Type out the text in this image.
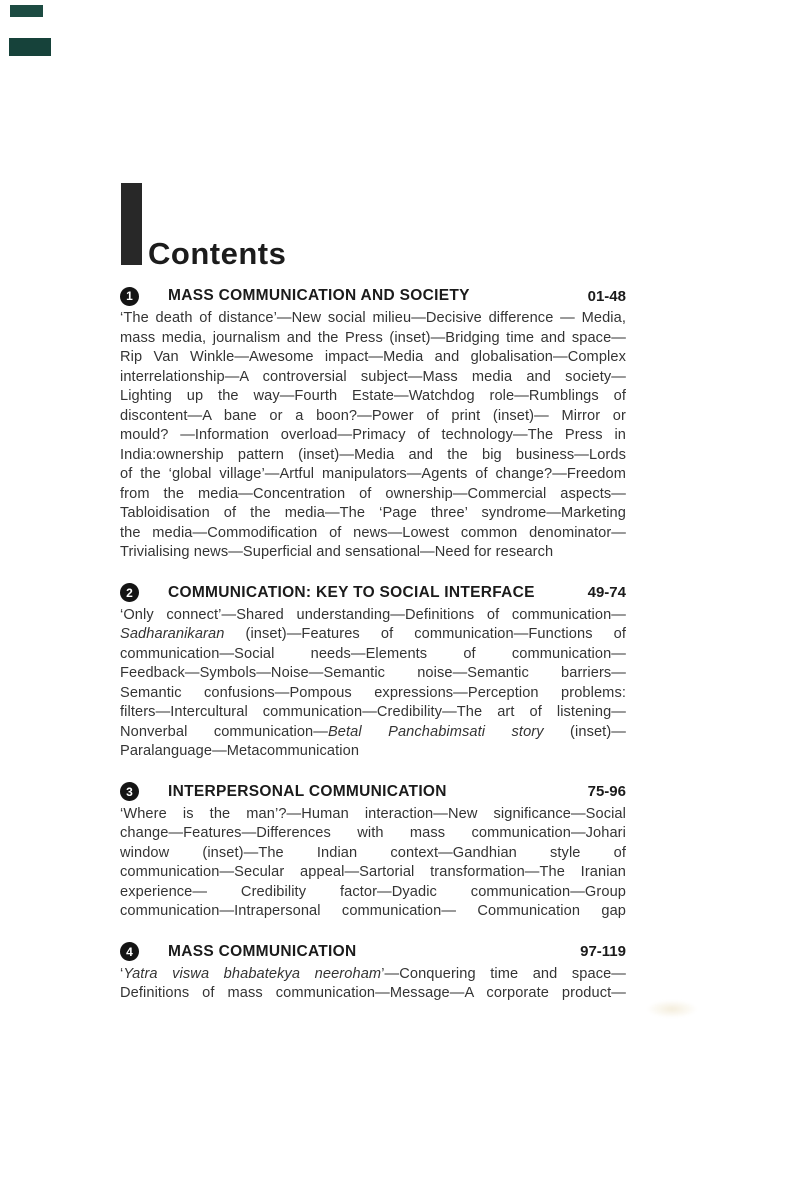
Contents
1	MASS COMMUNICATION AND SOCIETY	01-48
‘The death of distance’—New social milieu—Decisive difference — Media,
mass media, journalism and the Press (inset)—Bridging time and space—
Rip Van Winkle—Awesome impact—Media and globalisation—Complex
interrelationship—A controversial subject—Mass media and society—
Lighting up the way—Fourth Estate—Watchdog role—Rumblings of
discontent—A bane or a boon?—Power of print (inset)— Mirror or
mould? —Information overload—Primacy of technology—The Press in
India:ownership pattern (inset)—Media and the big business—Lords
of the ‘global village’—Artful manipulators—Agents of change?—Freedom
from the media—Concentration of ownership—Commercial aspects—
Tabloidisation of the media—The ‘Page three’ syndrome—Marketing
the media—Commodification of news—Lowest common denominator—
Trivialising news—Superficial and sensational—Need for research
2	COMMUNICATION: KEY TO SOCIAL INTERFACE	49-74
‘Only connect’—Shared understanding—Definitions of communication—
Sadharanikaran (inset)—Features of communication—Functions of
communication—Social needs—Elements of communication—
Feedback—Symbols—Noise—Semantic noise—Semantic barriers—
Semantic confusions—Pompous expressions—Perception problems:
filters—Intercultural communication—Credibility—The art of listening—
Nonverbal communication—Betal Panchabimsati story (inset)—
Paralanguage—Metacommunication
3	INTERPERSONAL COMMUNICATION	75-96
‘Where is the man’?—Human interaction—New significance—Social
change—Features—Differences with mass communication—Johari
window (inset)—The Indian context—Gandhian style of
communication—Secular appeal—Sartorial transformation—The Iranian
experience— Credibility factor—Dyadic communication—Group
communication—Intrapersonal communication— Communication gap
4	MASS COMMUNICATION	97-119
‘Yatra viswa bhabatekya neeroham’—Conquering time and space—
Definitions of mass communication—Message—A corporate product—
